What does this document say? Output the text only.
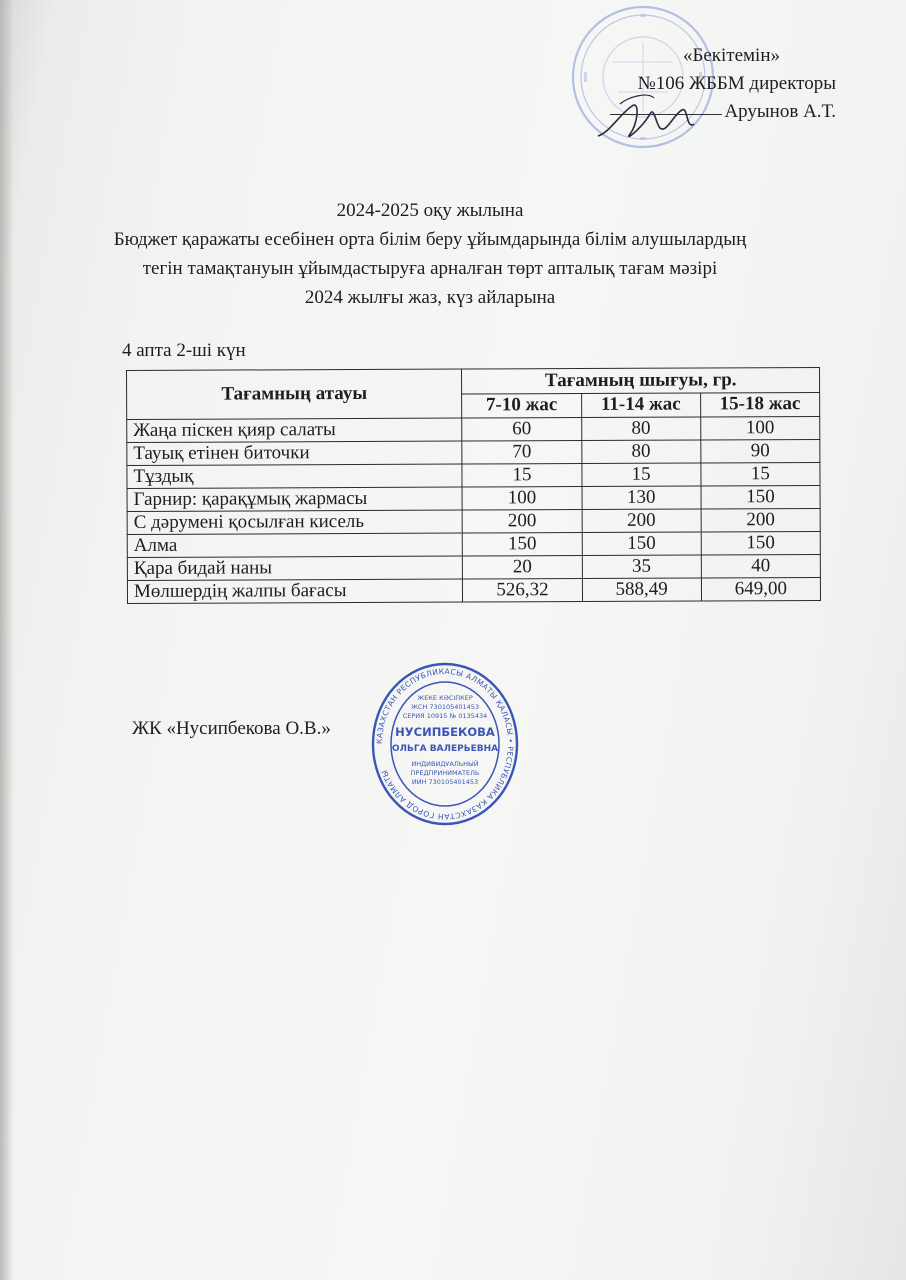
«Бекітемін»
№106 ЖББМ директоры
Аруынов А.Т.
2024-2025 оқу жылына
Бюджет қаражаты есебінен орта білім беру ұйымдарында білім алушылардың
тегін тамақтануын ұйымдастыруға арналған төрт апталық тағам мәзірі
2024 жылғы жаз, күз айларына
4 апта 2-ші күн
Тағамның атауы	Тағамның шығуы, гр.		
	7-10 жас	11-14 жас	15-18 жас
Жаңа піскен қияр салаты	60	80	100
Тауық етінен биточки	70	80	90
Тұздық	15	15	15
Гарнир: қарақұмық жармасы	100	130	150
С дәрумені қосылған кисель	200	200	200
Алма	150	150	150
Қара бидай наны	20	35	40
Мөлшердің жалпы бағасы	526,32	588,49	649,00
ЖК «Нусипбекова О.В.»
КАЗАХСТАН РЕСПУБЛИКАСЫ АЛМАТЫ ҚАЛАСЫ • РЕСПУБЛИКА КАЗАХСТАН ГОРОД АЛМАТЫ
ЖЕКЕ КӘСІПКЕР
ЖСН 730105401453
СЕРИЯ 10915 № 0135434
НУСИПБЕКОВА
ОЛЬГА ВАЛЕРЬЕВНА
ИНДИВИДУАЛЬНЫЙ
ПРЕДПРИНИМАТЕЛЬ
ИИН 730105401453
